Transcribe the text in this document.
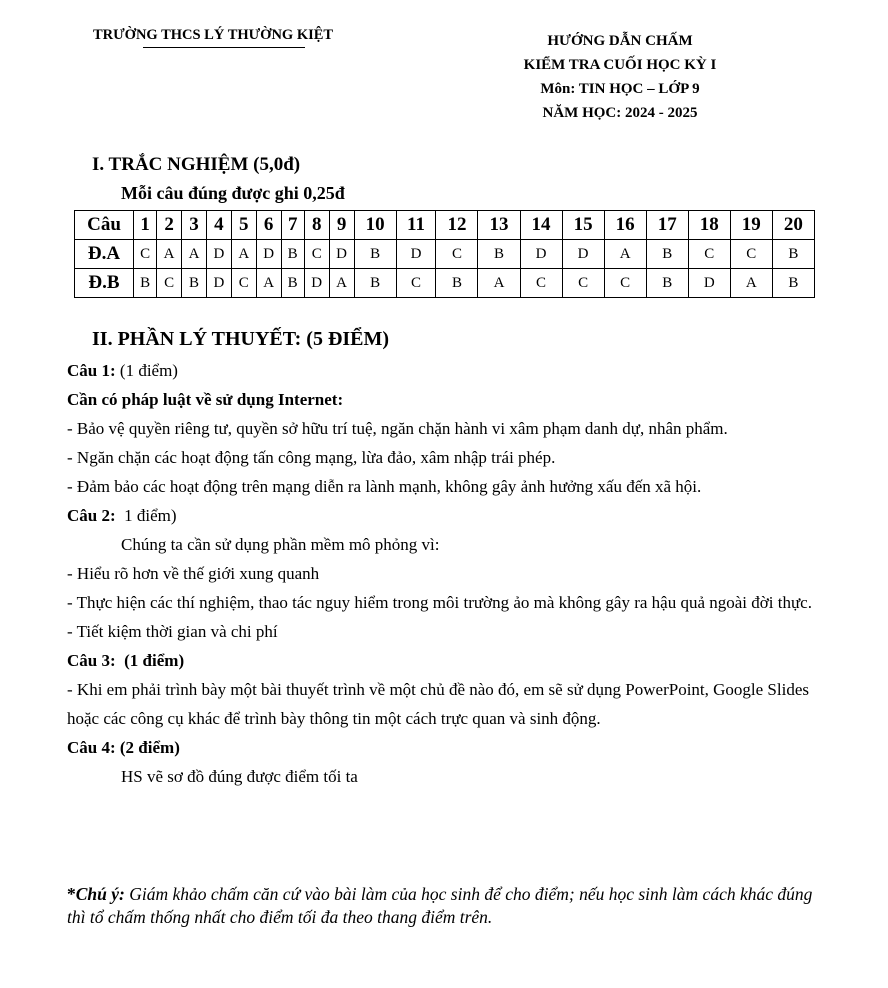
TRƯỜNG THCS LÝ THƯỜNG KIỆT	HƯỚNG DẪN CHẤM
KIỂM TRA CUỐI HỌC KỲ I
Môn: TIN HỌC – LỚP 9
NĂM HỌC: 2024 - 2025
I. TRẮC NGHIỆM (5,0đ)
Mỗi câu đúng được ghi 0,25đ
Câu	1	2	3	4	5	6	7	8	9	10	11	12	13	14	15	16	17	18	19	20
Đ.A	C	A	A	D	A	D	B	C	D	B	D	C	B	D	D	A	B	C	C	B
Đ.B	B	C	B	D	C	A	B	D	A	B	C	B	A	C	C	C	B	D	A	B
II. PHẦN LÝ THUYẾT: (5 ĐIỂM)

Câu 1: (1 điểm)

Cần có pháp luật về sử dụng Internet:

- Bảo vệ quyền riêng tư, quyền sở hữu trí tuệ, ngăn chặn hành vi xâm phạm danh dự, nhân phẩm.

- Ngăn chặn các hoạt động tấn công mạng, lừa đảo, xâm nhập trái phép.

- Đảm bảo các hoạt động trên mạng diễn ra lành mạnh, không gây ảnh hưởng xấu đến xã hội.

Câu 2:  1 điểm)

Chúng ta cần sử dụng phần mềm mô phỏng vì:

- Hiểu rõ hơn về thế giới xung quanh

- Thực hiện các thí nghiệm, thao tác nguy hiểm trong môi trường ảo mà không gây ra hậu quả ngoài đời thực.

- Tiết kiệm thời gian và chi phí

Câu 3:  (1 điểm)

- Khi em phải trình bày một bài thuyết trình về một chủ đề nào đó, em sẽ sử dụng PowerPoint, Google Slides hoặc các công cụ khác để trình bày thông tin một cách trực quan và sinh động.

Câu 4: (2 điểm)

HS vẽ sơ đồ đúng được điểm tối ta

*Chú ý: Giám khảo chấm căn cứ vào bài làm của học sinh để cho điểm; nếu học sinh làm cách khác đúng thì tổ chấm thống nhất cho điểm tối đa theo thang điểm trên.
